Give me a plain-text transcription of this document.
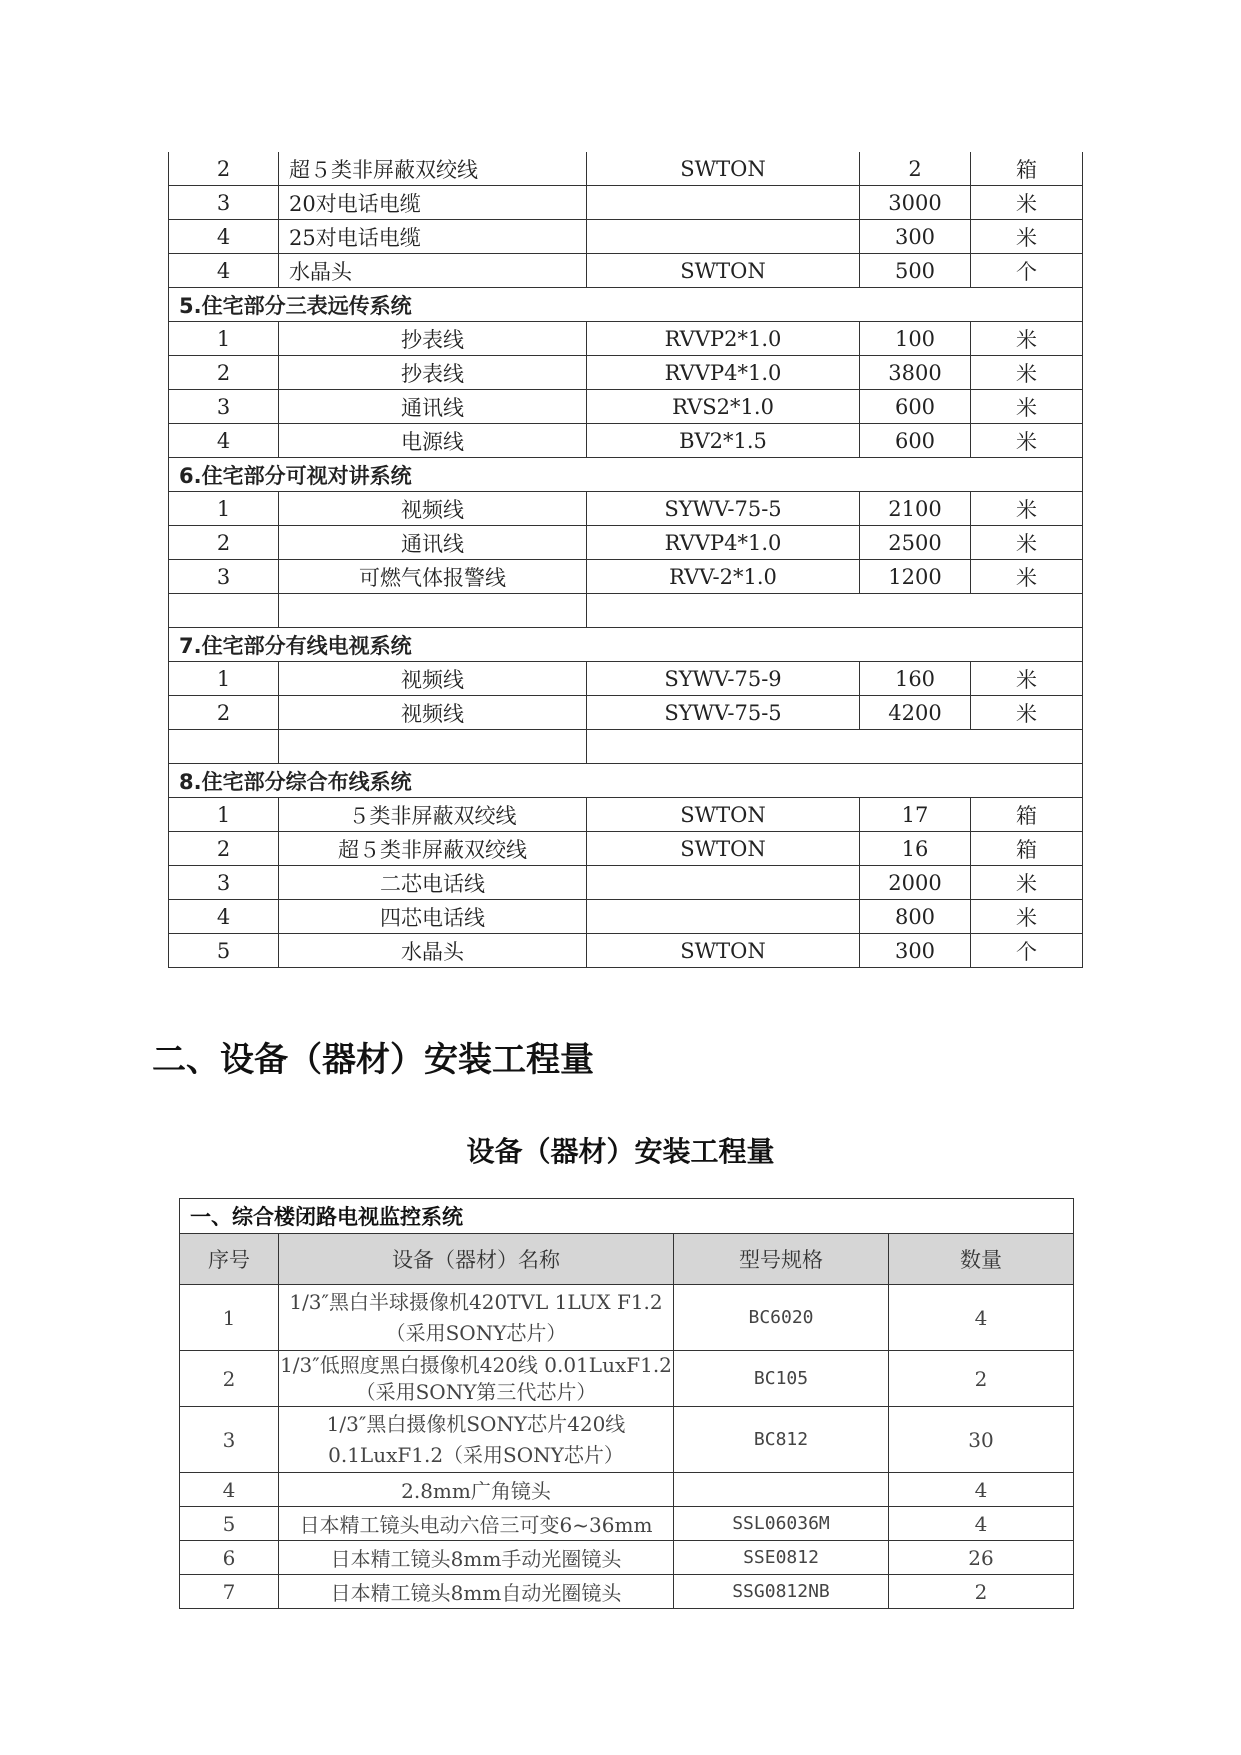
2	超５类非屏蔽双绞线	SWTON	2	箱
3	20对电话电缆		3000	米
4	25对电话电缆		300	米
4	水晶头	SWTON	500	个
5.住宅部分三表远传系统				
1	抄表线	RVVP2*1.0	100	米
2	抄表线	RVVP4*1.0	3800	米
3	通讯线	RVS2*1.0	600	米
4	电源线	BV2*1.5	600	米
6.住宅部分可视对讲系统				
1	视频线	SYWV-75-5	2100	米
2	通讯线	RVVP4*1.0	2500	米
3	可燃气体报警线	RVV-2*1.0	1200	米

7.住宅部分有线电视系统				
1	视频线	SYWV-75-9	160	米
2	视频线	SYWV-75-5	4200	米

8.住宅部分综合布线系统				
1	５类非屏蔽双绞线	SWTON	17	箱
2	超５类非屏蔽双绞线	SWTON	16	箱
3	二芯电话线		2000	米
4	四芯电话线		800	米
5	水晶头	SWTON	300	个
二、设备（器材）安装工程量
设备（器材）安装工程量
一、综合楼闭路电视监控系统			
序号	设备（器材）名称	型号规格	数量
1	1/3″黑白半球摄像机420TVL 1LUX F1.2（采用SONY芯片）	BC6020	4
2	1/3″低照度黑白摄像机420线 0.01LuxF1.2（采用SONY第三代芯片）	BC105	2
3	1/3″黑白摄像机SONY芯片420线 0.1LuxF1.2（采用SONY芯片）	BC812	30
4	2.8mm广角镜头		4
5	日本精工镜头电动六倍三可变6~36mm	SSL06036M	4
6	日本精工镜头8mm手动光圈镜头	SSE0812	26
7	日本精工镜头8mm自动光圈镜头	SSG0812NB	2
